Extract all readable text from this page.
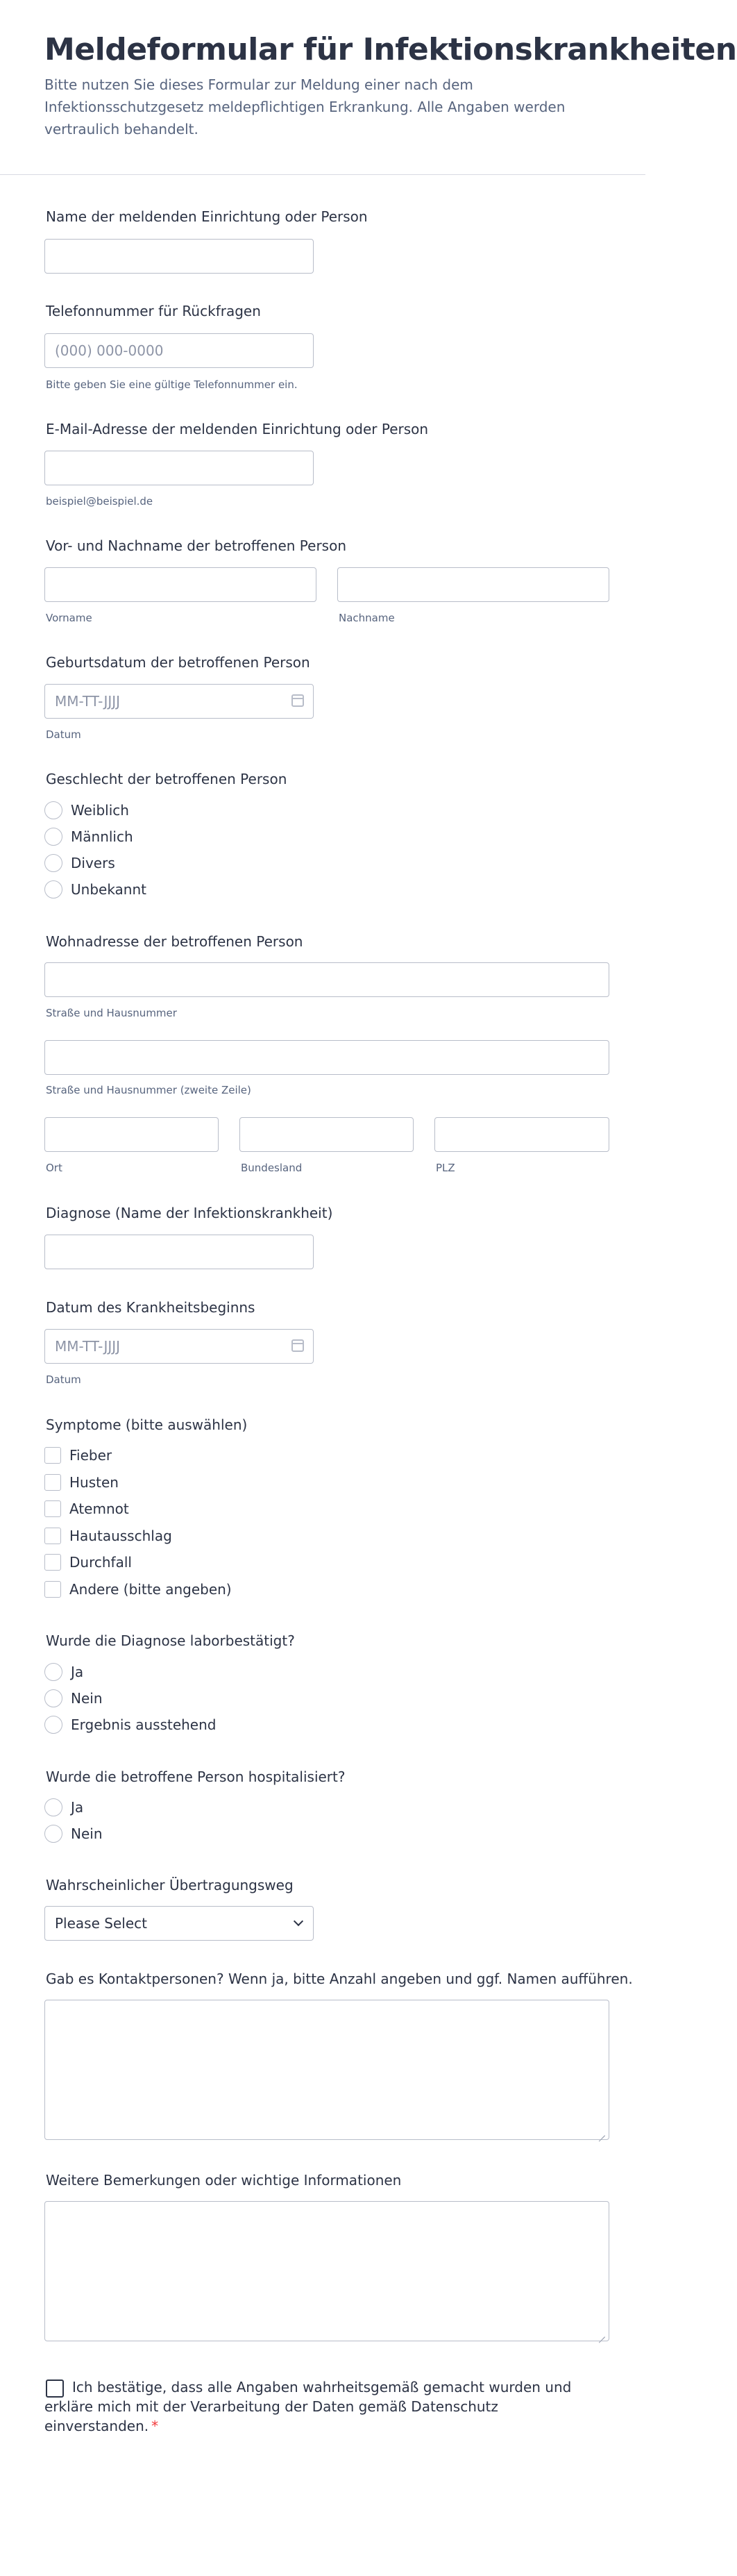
Meldeformular für Infektionskrankheiten

Bitte nutzen Sie dieses Formular zur Meldung einer nach dem Infektionsschutzgesetz meldepflichtigen Erkrankung. Alle Angaben werden vertraulich behandelt.

Name der meldenden Einrichtung oder Person
Telefonnummer für Rückfragen
(000) 000-0000
Bitte geben Sie eine gültige Telefonnummer ein.
E-Mail-Adresse der meldenden Einrichtung oder Person
beispiel@beispiel.de
Vor- und Nachname der betroffenen Person
Vorname	Nachname
Geburtsdatum der betroffenen Person
MM-TT-JJJJ
Datum
Geschlecht der betroffenen Person
Weiblich
Männlich
Divers
Unbekannt
Wohnadresse der betroffenen Person
Straße und Hausnummer
Straße und Hausnummer (zweite Zeile)
Ort	Bundesland	PLZ
Diagnose (Name der Infektionskrankheit)
Datum des Krankheitsbeginns
MM-TT-JJJJ
Datum
Symptome (bitte auswählen)
Fieber
Husten
Atemnot
Hautausschlag
Durchfall
Andere (bitte angeben)
Wurde die Diagnose laborbestätigt?
Ja
Nein
Ergebnis ausstehend
Wurde die betroffene Person hospitalisiert?
Ja
Nein
Wahrscheinlicher Übertragungsweg
Please Select
Gab es Kontaktpersonen? Wenn ja, bitte Anzahl angeben und ggf. Namen aufführen.
Weitere Bemerkungen oder wichtige Informationen

Ich bestätige, dass alle Angaben wahrheitsgemäß gemacht wurden und erkläre mich mit der Verarbeitung der Daten gemäß Datenschutz einverstanden. *
